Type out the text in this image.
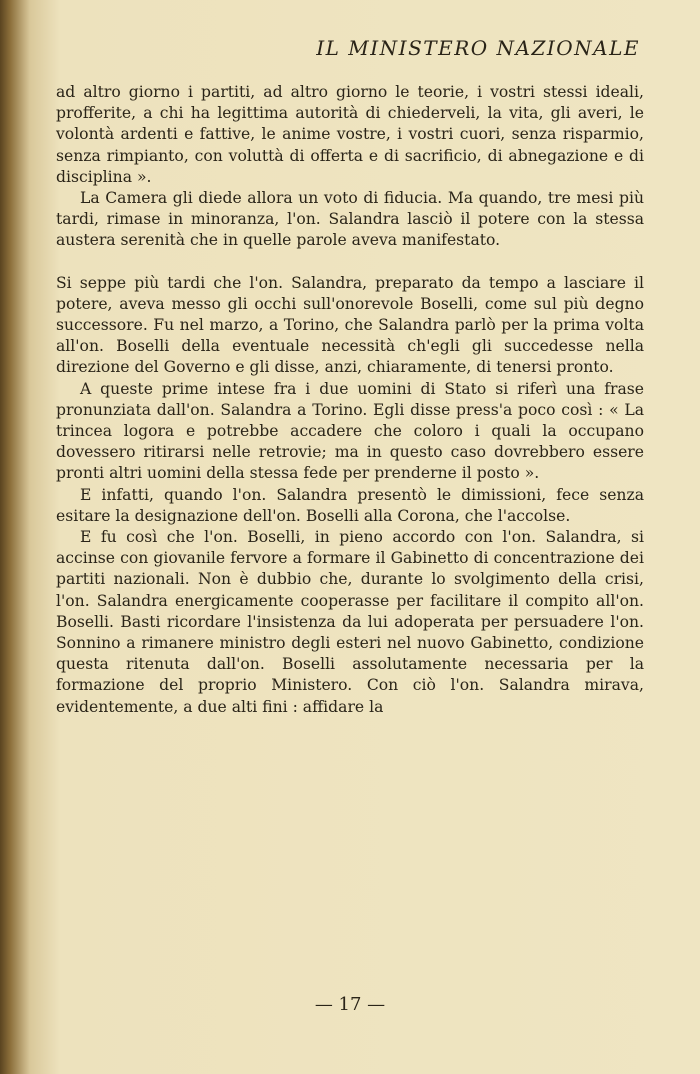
IL MINISTERO NAZIONALE

ad altro giorno i partiti, ad altro giorno le teorie, i vostri stessi ideali, profferite, a chi ha legittima autorità di chiederveli, la vita, gli averi, le volontà ardenti e fattive, le anime vostre, i vostri cuori, senza risparmio, senza rimpianto, con voluttà di offerta e di sacrificio, di abnegazione e di disciplina ».

La Camera gli diede allora un voto di fiducia. Ma quando, tre mesi più tardi, rimase in minoranza, l'on. Salandra lasciò il potere con la stessa austera serenità che in quelle parole aveva manifestato.

Si seppe più tardi che l'on. Salandra, preparato da tempo a lasciare il potere, aveva messo gli occhi sull'onorevole Boselli, come sul più degno successore. Fu nel marzo, a Torino, che Salandra parlò per la prima volta all'on. Boselli della eventuale necessità ch'egli gli succedesse nella direzione del Governo e gli disse, anzi, chiaramente, di tenersi pronto.

A queste prime intese fra i due uomini di Stato si riferì una frase pronunziata dall'on. Salandra a Torino. Egli disse press'a poco così : « La trincea logora e potrebbe accadere che coloro i quali la occupano dovessero ritirarsi nelle retrovie; ma in questo caso dovrebbero essere pronti altri uomini della stessa fede per prenderne il posto ».

E infatti, quando l'on. Salandra presentò le dimissioni, fece senza esitare la designazione dell'on. Boselli alla Corona, che l'accolse.

E fu così che l'on. Boselli, in pieno accordo con l'on. Salandra, si accinse con giovanile fervore a formare il Gabinetto di concentrazione dei partiti nazionali. Non è dubbio che, durante lo svolgimento della crisi, l'on. Salandra energicamente cooperasse per facilitare il compito all'on. Boselli. Basti ricordare l'insistenza da lui adoperata per persuadere l'on. Sonnino a rimanere ministro degli esteri nel nuovo Gabinetto, condizione questa ritenuta dall'on. Boselli assolutamente necessaria per la formazione del proprio Ministero. Con ciò l'on. Salandra mirava, evidentemente, a due alti fini : affidare la

— 17 —
